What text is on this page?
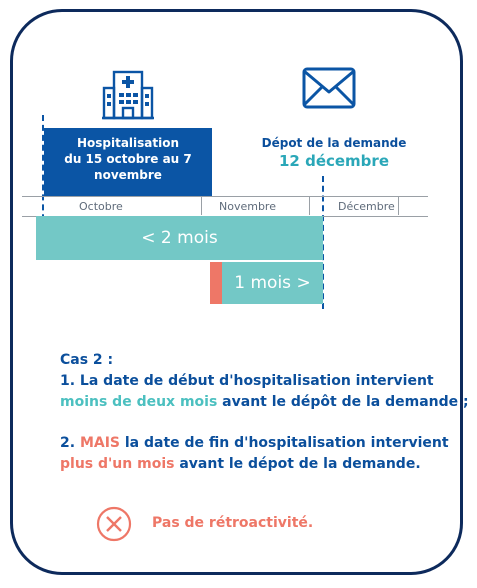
Hospitalisation
du 15 octobre au 7
novembre
Dépot de la demande
12 décembre
Octobre	Novembre	Décembre
< 2 mois
1 mois >
Cas 2 :
1. La date de début d'hospitalisation intervient
moins de deux mois avant le dépôt de la demande ;
2. MAIS la date de fin d'hospitalisation intervient
plus d'un mois avant le dépot de la demande.
Pas de rétroactivité.
